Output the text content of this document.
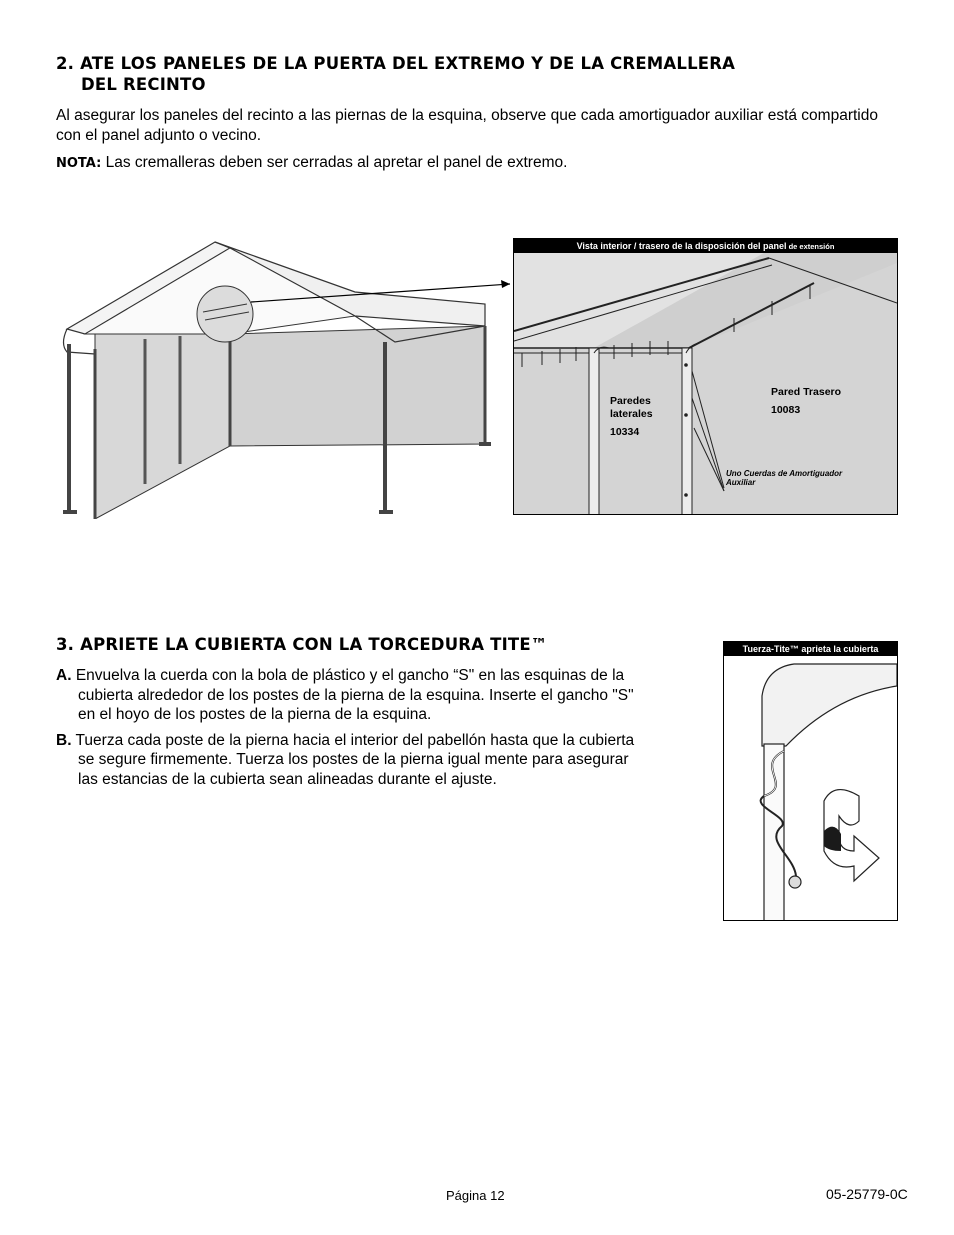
2. ATE LOS PANELES DE LA PUERTA DEL EXTREMO Y DE LA CREMALLERA
DEL RECINTO
Al asegurar los paneles del recinto a las piernas de la esquina, observe que cada amortiguador auxiliar está compartido con el panel adjunto o vecino.
NOTA: Las cremalleras deben ser cerradas al apretar el panel de extremo.
Vista interior / trasero de la disposición del panel de extensión
Paredes
laterales
10334
Pared Trasero
10083
Uno Cuerdas de Amortiguador
Auxiliar
3. APRIETE LA CUBIERTA CON LA TORCEDURA TITE™
A. Envuelva la cuerda con la bola de plástico y el gancho “S" en las esquinas de la cubierta alrededor de los postes de la pierna de la esquina. Inserte el gancho "S" en el hoyo de los postes de la pierna de la esquina.
B. Tuerza cada poste de la pierna hacia el interior del pabellón hasta que la cubierta se segure firmemente. Tuerza los postes de la pierna igual mente para asegurar las estancias de la cubierta sean alineadas durante el ajuste.
Tuerza-Tite™ aprieta la cubierta
Página 12	05-25779-0C
